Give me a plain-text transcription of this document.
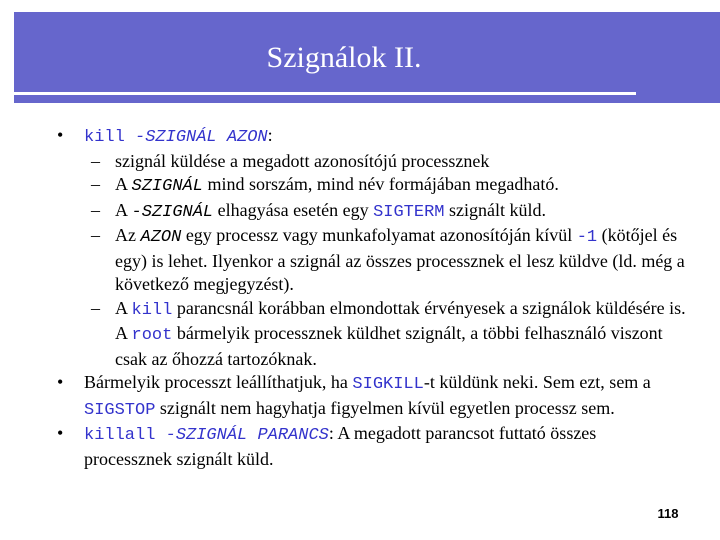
Szignálok II.
• kill -SZIGNÁL AZON:
– szignál küldése a megadott azonosítójú processznek
– A SZIGNÁL mind sorszám, mind név formájában megadható.
– A -SZIGNÁL elhagyása esetén egy SIGTERM szignált küld.
– Az AZON egy processz vagy munkafolyamat azonosítóján kívül -1 (kötőjel és egy) is lehet. Ilyenkor a szignál az összes processznek el lesz küldve (ld. még a következő megjegyzést).
– A kill parancsnál korábban elmondottak érvényesek a szignálok küldésére is. A root bármelyik processznek küldhet szignált, a többi felhasználó viszont csak az őhozzá tartozóknak.
• Bármelyik processzt leállíthatjuk, ha SIGKILL-t küldünk neki. Sem ezt, sem a SIGSTOP szignált nem hagyhatja figyelmen kívül egyetlen processz sem.
• killall -SZIGNÁL PARANCS: A megadott parancsot futtató összes processznek szignált küld.
118
